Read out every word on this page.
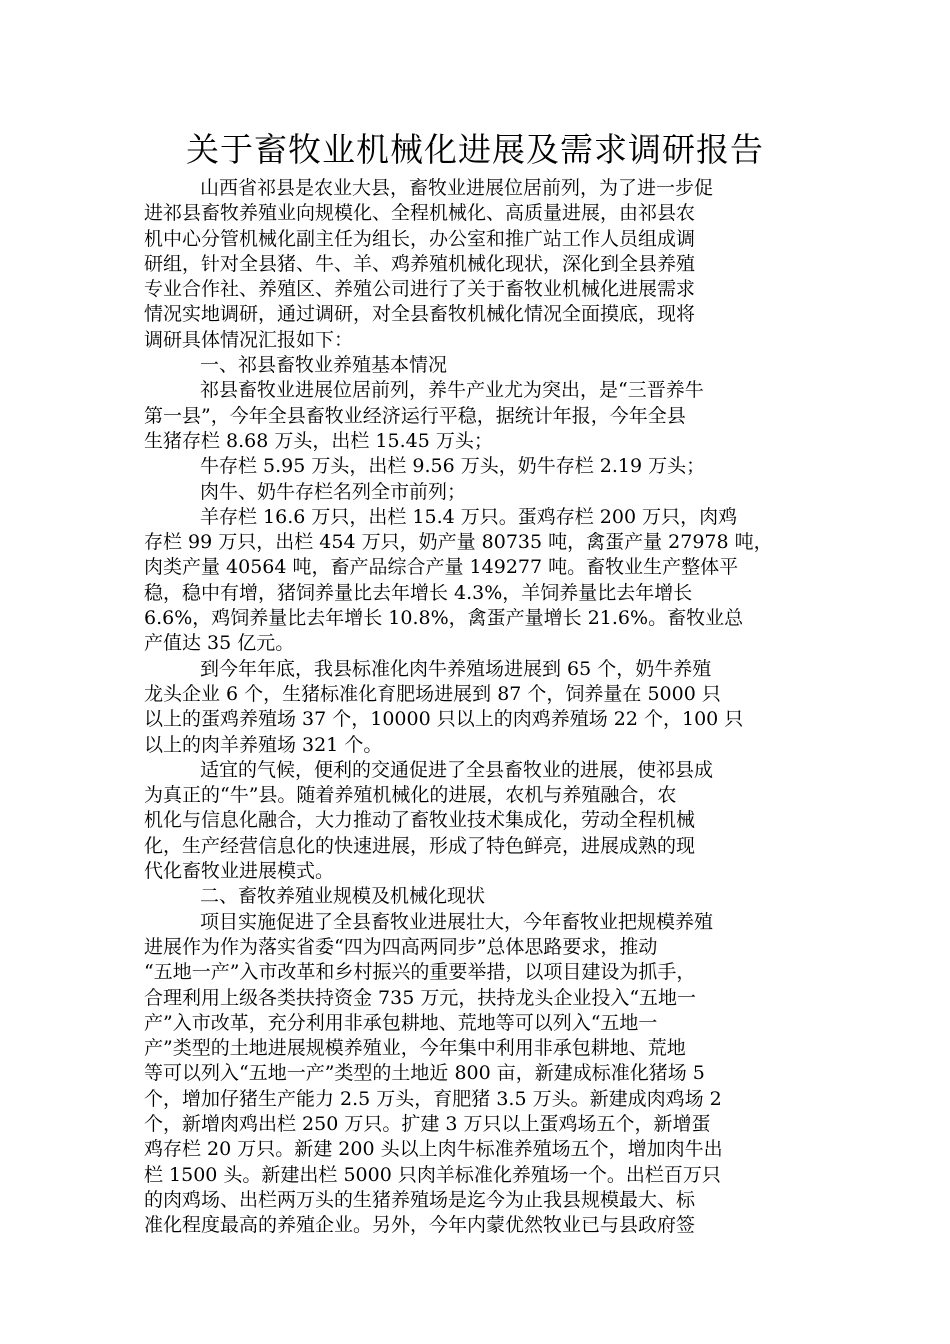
关于畜牧业机械化进展及需求调研报告
山西省祁县是农业大县，畜牧业进展位居前列，为了进一步促
进祁县畜牧养殖业向规模化、全程机械化、高质量进展，由祁县农
机中心分管机械化副主任为组长，办公室和推广站工作人员组成调
研组，针对全县猪、牛、羊、鸡养殖机械化现状，深化到全县养殖
专业合作社、养殖区、养殖公司进行了关于畜牧业机械化进展需求
情况实地调研，通过调研，对全县畜牧机械化情况全面摸底，现将
调研具体情况汇报如下：
一、祁县畜牧业养殖基本情况
祁县畜牧业进展位居前列，养牛产业尤为突出，是“三晋养牛
第一县”，今年全县畜牧业经济运行平稳，据统计年报，今年全县
生猪存栏 8.68 万头，出栏 15.45 万头；
牛存栏 5.95 万头，出栏 9.56 万头，奶牛存栏 2.19 万头；
肉牛、奶牛存栏名列全市前列；
羊存栏 16.6 万只，出栏 15.4 万只。蛋鸡存栏 200 万只，肉鸡
存栏 99 万只，出栏 454 万只，奶产量 80735 吨，禽蛋产量 27978 吨，
肉类产量 40564 吨，畜产品综合产量 149277 吨。畜牧业生产整体平
稳，稳中有增，猪饲养量比去年增长 4.3%，羊饲养量比去年增长
6.6%，鸡饲养量比去年增长 10.8%，禽蛋产量增长 21.6%。畜牧业总
产值达 35 亿元。
到今年年底，我县标准化肉牛养殖场进展到 65 个，奶牛养殖
龙头企业 6 个，生猪标准化育肥场进展到 87 个，饲养量在 5000 只
以上的蛋鸡养殖场 37 个，10000 只以上的肉鸡养殖场 22 个，100 只
以上的肉羊养殖场 321 个。
适宜的气候，便利的交通促进了全县畜牧业的进展，使祁县成
为真正的“牛”县。随着养殖机械化的进展，农机与养殖融合，农
机化与信息化融合，大力推动了畜牧业技术集成化，劳动全程机械
化，生产经营信息化的快速进展，形成了特色鲜亮，进展成熟的现
代化畜牧业进展模式。
二、畜牧养殖业规模及机械化现状
项目实施促进了全县畜牧业进展壮大，今年畜牧业把规模养殖
进展作为作为落实省委“四为四高两同步”总体思路要求，推动
“五地一产”入市改革和乡村振兴的重要举措，以项目建设为抓手，
合理利用上级各类扶持资金 735 万元，扶持龙头企业投入“五地一
产”入市改革，充分利用非承包耕地、荒地等可以列入“五地一
产”类型的土地进展规模养殖业，今年集中利用非承包耕地、荒地
等可以列入“五地一产”类型的土地近 800 亩，新建成标准化猪场 5
个，增加仔猪生产能力 2.5 万头，育肥猪 3.5 万头。新建成肉鸡场 2
个，新增肉鸡出栏 250 万只。扩建 3 万只以上蛋鸡场五个，新增蛋
鸡存栏 20 万只。新建 200 头以上肉牛标准养殖场五个，增加肉牛出
栏 1500 头。新建出栏 5000 只肉羊标准化养殖场一个。出栏百万只
的肉鸡场、出栏两万头的生猪养殖场是迄今为止我县规模最大、标
准化程度最高的养殖企业。另外，今年内蒙优然牧业已与县政府签
